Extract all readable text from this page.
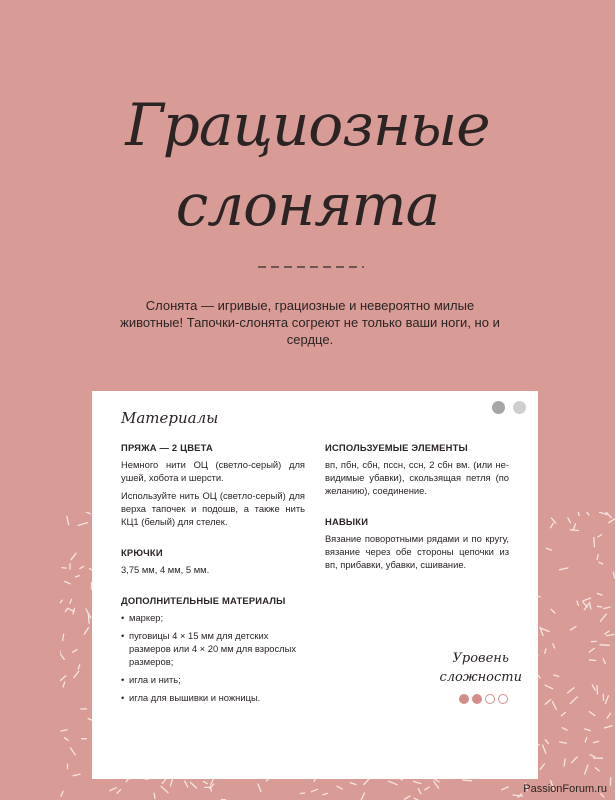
Грациозные
слонята
Слонята — игривые, грациозные и невероятно милые животные! Тапочки-слонята согреют не только ваши ноги, но и сердце.
Материалы
ПРЯЖА — 2 ЦВЕТА
Немного нити ОЦ (светло-серый) для ушей, хобота и шерсти.
Используйте нить ОЦ (светло-серый) для верха тапочек и подошв, а также нить КЦ1 (белый) для стелек.
КРЮЧКИ
3,75 мм, 4 мм, 5 мм.
ДОПОЛНИТЕЛЬНЫЕ МАТЕРИАЛЫ
• маркер;
• пуговицы 4 × 15 мм для детских размеров или 4 × 20 мм для взрослых размеров;
• игла и нить;
• игла для вышивки и ножницы.
ИСПОЛЬЗУЕМЫЕ ЭЛЕМЕНТЫ
вп, пбн, сбн, пссн, ссн, 2 сбн вм. (или не-видимые убавки), скользящая петля (по желанию), соединение.
НАВЫКИ
Вязание поворотными рядами и по кругу, вязание через обе стороны цепочки из вп, прибавки, убавки, сшивание.
Уровень
сложности
PassionForum.ru
